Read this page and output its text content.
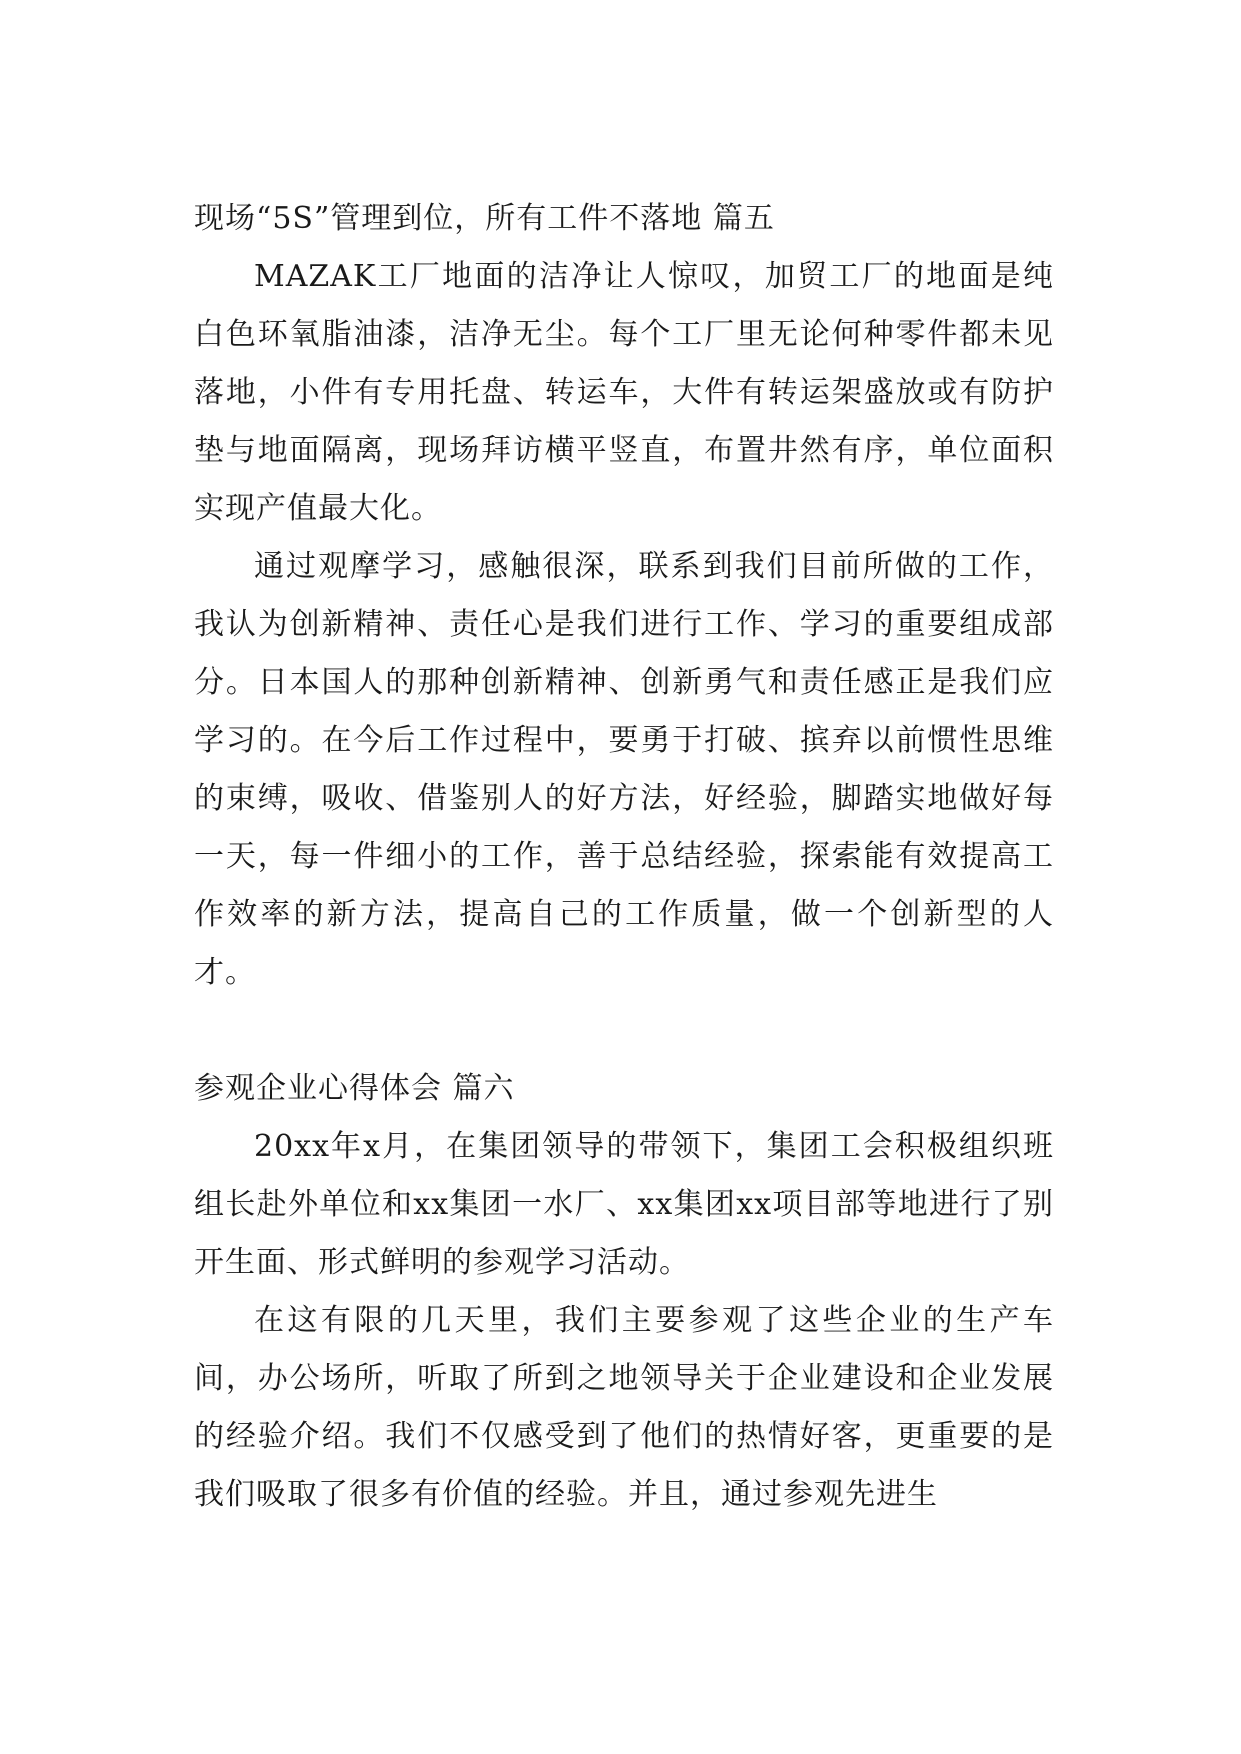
现场“5S”管理到位，所有工件不落地 篇五

MAZAK工厂地面的洁净让人惊叹，加贸工厂的地面是纯白色环氧脂油漆，洁净无尘。每个工厂里无论何种零件都未见落地，小件有专用托盘、转运车，大件有转运架盛放或有防护垫与地面隔离，现场拜访横平竖直，布置井然有序，单位面积实现产值最大化。

通过观摩学习，感触很深，联系到我们目前所做的工作，我认为创新精神、责任心是我们进行工作、学习的重要组成部分。日本国人的那种创新精神、创新勇气和责任感正是我们应学习的。在今后工作过程中，要勇于打破、摈弃以前惯性思维的束缚，吸收、借鉴别人的好方法，好经验，脚踏实地做好每一天，每一件细小的工作，善于总结经验，探索能有效提高工作效率的新方法，提高自己的工作质量，做一个创新型的人才。

参观企业心得体会 篇六

20xx年x月，在集团领导的带领下，集团工会积极组织班组长赴外单位和xx集团一水厂、xx集团xx项目部等地进行了别开生面、形式鲜明的参观学习活动。

在这有限的几天里，我们主要参观了这些企业的生产车间，办公场所，听取了所到之地领导关于企业建设和企业发展的经验介绍。我们不仅感受到了他们的热情好客，更重要的是我们吸取了很多有价值的经验。并且，通过参观先进生
